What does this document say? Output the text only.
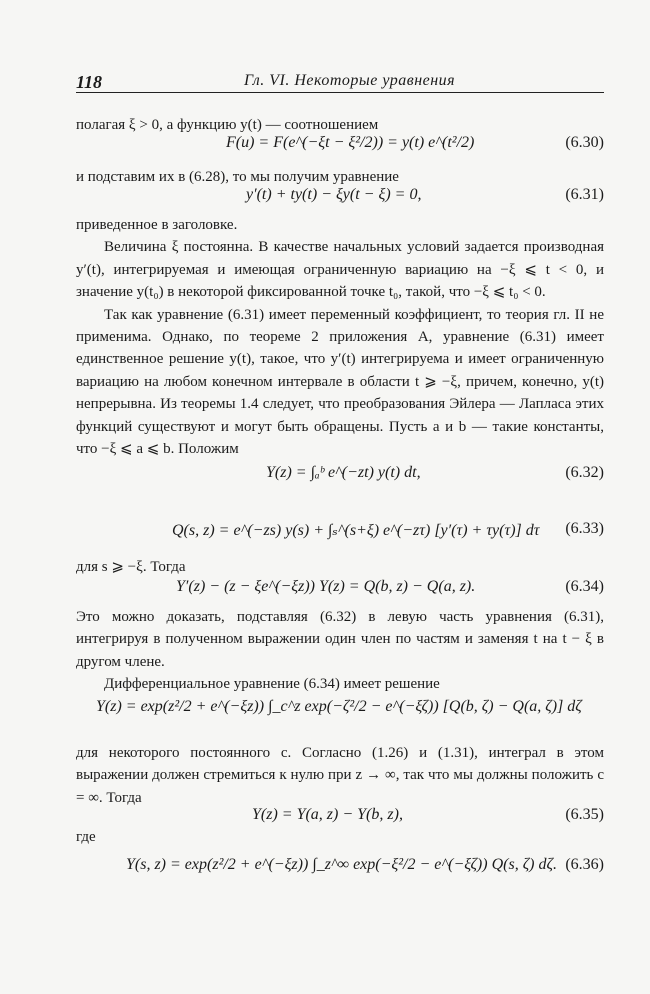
118	Гл. VI. Некоторые уравнения

полагая ξ > 0, а функцию y(t) — соотношением

F(u) = F(e^(−ξt − ξ²/2)) = y(t) e^(t²/2)	(6.30)

и подставим их в (6.28), то мы получим уравнение

y′(t) + ty(t) − ξy(t − ξ) = 0,	(6.31)

приведенное в заголовке.

Величина ξ постоянна. В качестве начальных условий задается производная y′(t), интегрируемая и имеющая ограниченную вариацию на −ξ ⩽ t < 0, и значение y(t₀) в некоторой фиксированной точке t₀, такой, что −ξ ⩽ t₀ < 0.

Так как уравнение (6.31) имеет переменный коэффициент, то теория гл. II не применима. Однако, по теореме 2 приложения А, уравнение (6.31) имеет единственное решение y(t), такое, что y′(t) интегрируема и имеет ограниченную вариацию на любом конечном интервале в области t ⩾ −ξ, причем, конечно, y(t) непрерывна. Из теоремы 1.4 следует, что преобразования Эйлера — Лапласа этих функций существуют и могут быть обращены. Пусть a и b — такие константы, что −ξ ⩽ a ⩽ b. Положим

Y(z) = ∫ₐᵇ e^(−zt) y(t) dt,	(6.32)
Q(s, z) = e^(−zs) y(s) + ∫ₛ^(s+ξ) e^(−zτ) [y′(τ) + τy(τ)] dτ (6.33)

для s ⩾ −ξ. Тогда

Y′(z) − (z − ξe^(−ξz)) Y(z) = Q(b, z) − Q(a, z).	(6.34)

Это можно доказать, подставляя (6.32) в левую часть уравнения (6.31), интегрируя в полученном выражении один член по частям и заменяя t на t − ξ в другом члене.

Дифференциальное уравнение (6.34) имеет решение

Y(z) = exp(z²/2 + e^(−ξz)) ∫_c^z exp(−ζ²/2 − e^(−ξζ)) [Q(b, ζ) − Q(a, ζ)] dζ

для некоторого постоянного c. Согласно (1.26) и (1.31), интеграл в этом выражении должен стремиться к нулю при z → ∞, так что мы должны положить c = ∞. Тогда

Y(z) = Y(a, z) − Y(b, z),	(6.35)

где

Y(s, z) = exp(z²/2 + e^(−ξz)) ∫_z^∞ exp(−ξ²/2 − e^(−ξζ)) Q(s, ζ) dζ. (6.36)
